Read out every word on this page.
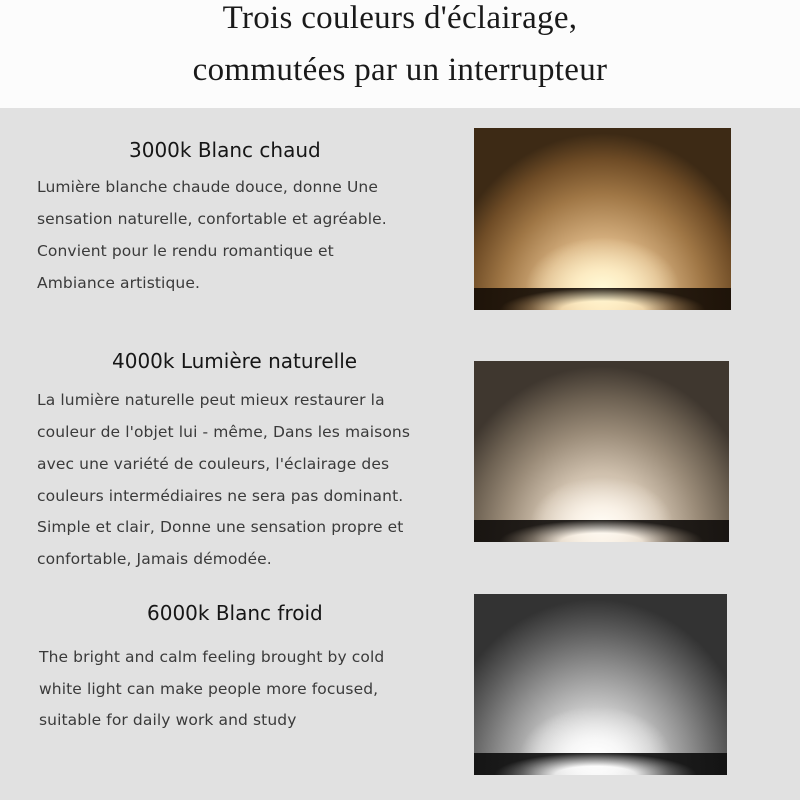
Trois couleurs d'éclairage,
commutées par un interrupteur
3000k Blanc chaud
Lumière blanche chaude douce, donne Une
sensation naturelle, confortable et agréable.
Convient pour le rendu romantique et
Ambiance artistique.
4000k Lumière naturelle
La lumière naturelle peut mieux restaurer la
couleur de l'objet lui - même, Dans les maisons
avec une variété de couleurs, l'éclairage des
couleurs intermédiaires ne sera pas dominant.
Simple et clair, Donne une sensation propre et
confortable, Jamais démodée.
6000k Blanc froid
The bright and calm feeling brought by cold
white light can make people more focused,
suitable for daily work and study
